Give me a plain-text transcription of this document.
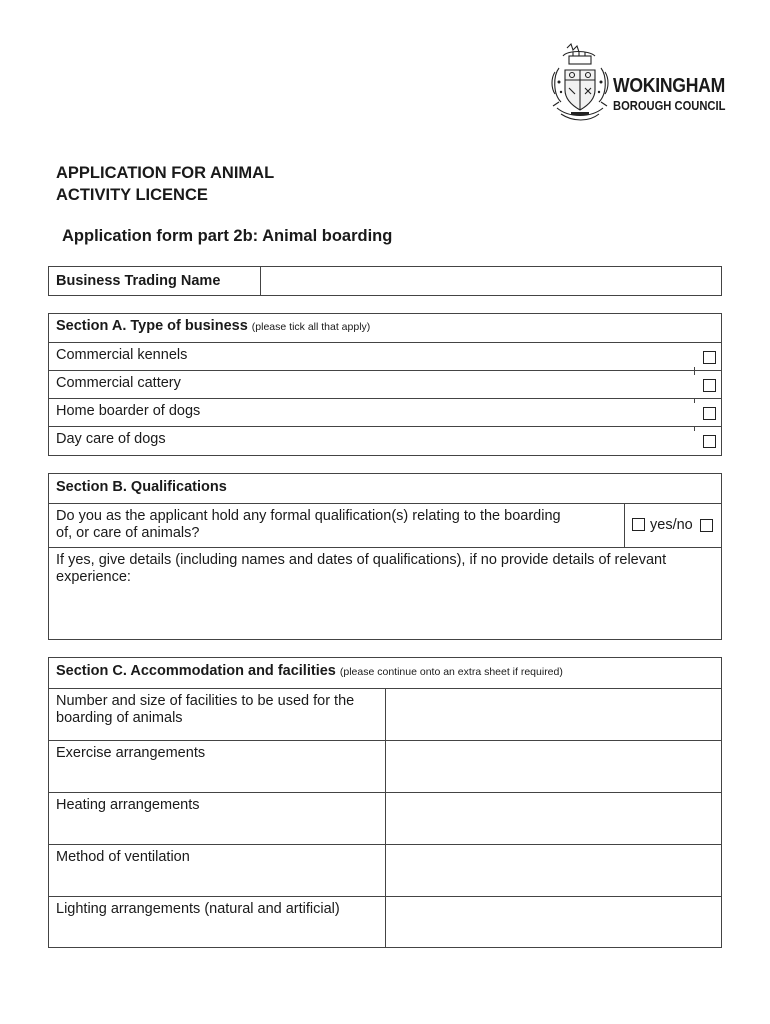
WOKINGHAM
BOROUGH COUNCIL
APPLICATION FOR ANIMAL
ACTIVITY LICENCE
Application form part 2b: Animal boarding
Business Trading Name
Section A. Type of business (please tick all that apply)
Commercial kennels
Commercial cattery
Home boarder of dogs
Day care of dogs
Section B. Qualifications
Do you as the applicant hold any formal qualification(s) relating to the boarding
of, or care of animals?	yes/no
If yes, give details (including names and dates of qualifications), if no provide details of relevant
experience:
Section C. Accommodation and facilities (please continue onto an extra sheet if required)
Number and size of facilities to be used for the
boarding of animals
Exercise arrangements
Heating arrangements
Method of ventilation
Lighting arrangements (natural and artificial)
